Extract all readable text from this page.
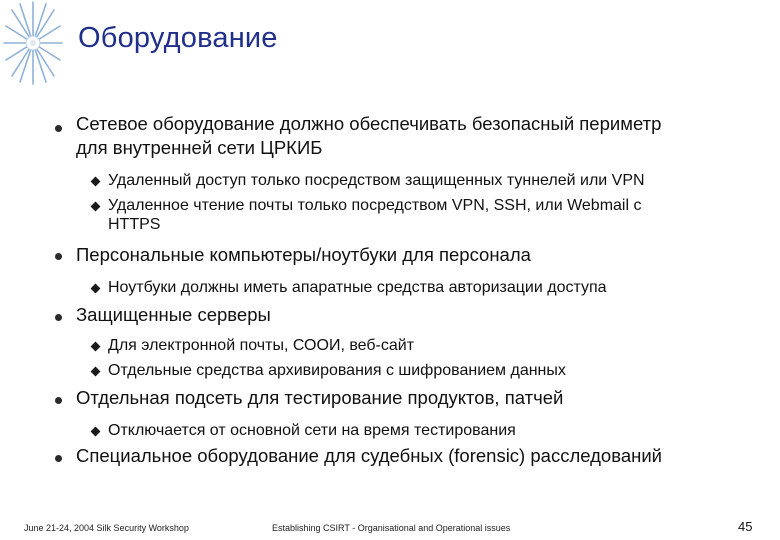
Оборудование
Сетевое оборудование должно обеспечивать безопасный периметр
для внутренней сети ЦРКИБ
Удаленный доступ только посредством защищенных туннелей или VPN
Удаленное чтение почты только посредством VPN, SSH, или Webmail с
HTTPS
Персональные компьютеры/ноутбуки для персонала
Ноутбуки должны иметь апаратные средства авторизации доступа
Защищенные серверы
Для электронной почты, СООИ, веб-сайт
Отдельные средства архивирования с шифрованием данных
Отдельная подсеть для тестирование продуктов, патчей
Отключается от основной сети на время тестирования
Специальное оборудование для судебных (forensic) расследований
June 21-24, 2004 Silk Security Workshop	Establishing CSIRT - Organisational and Operational issues	45
